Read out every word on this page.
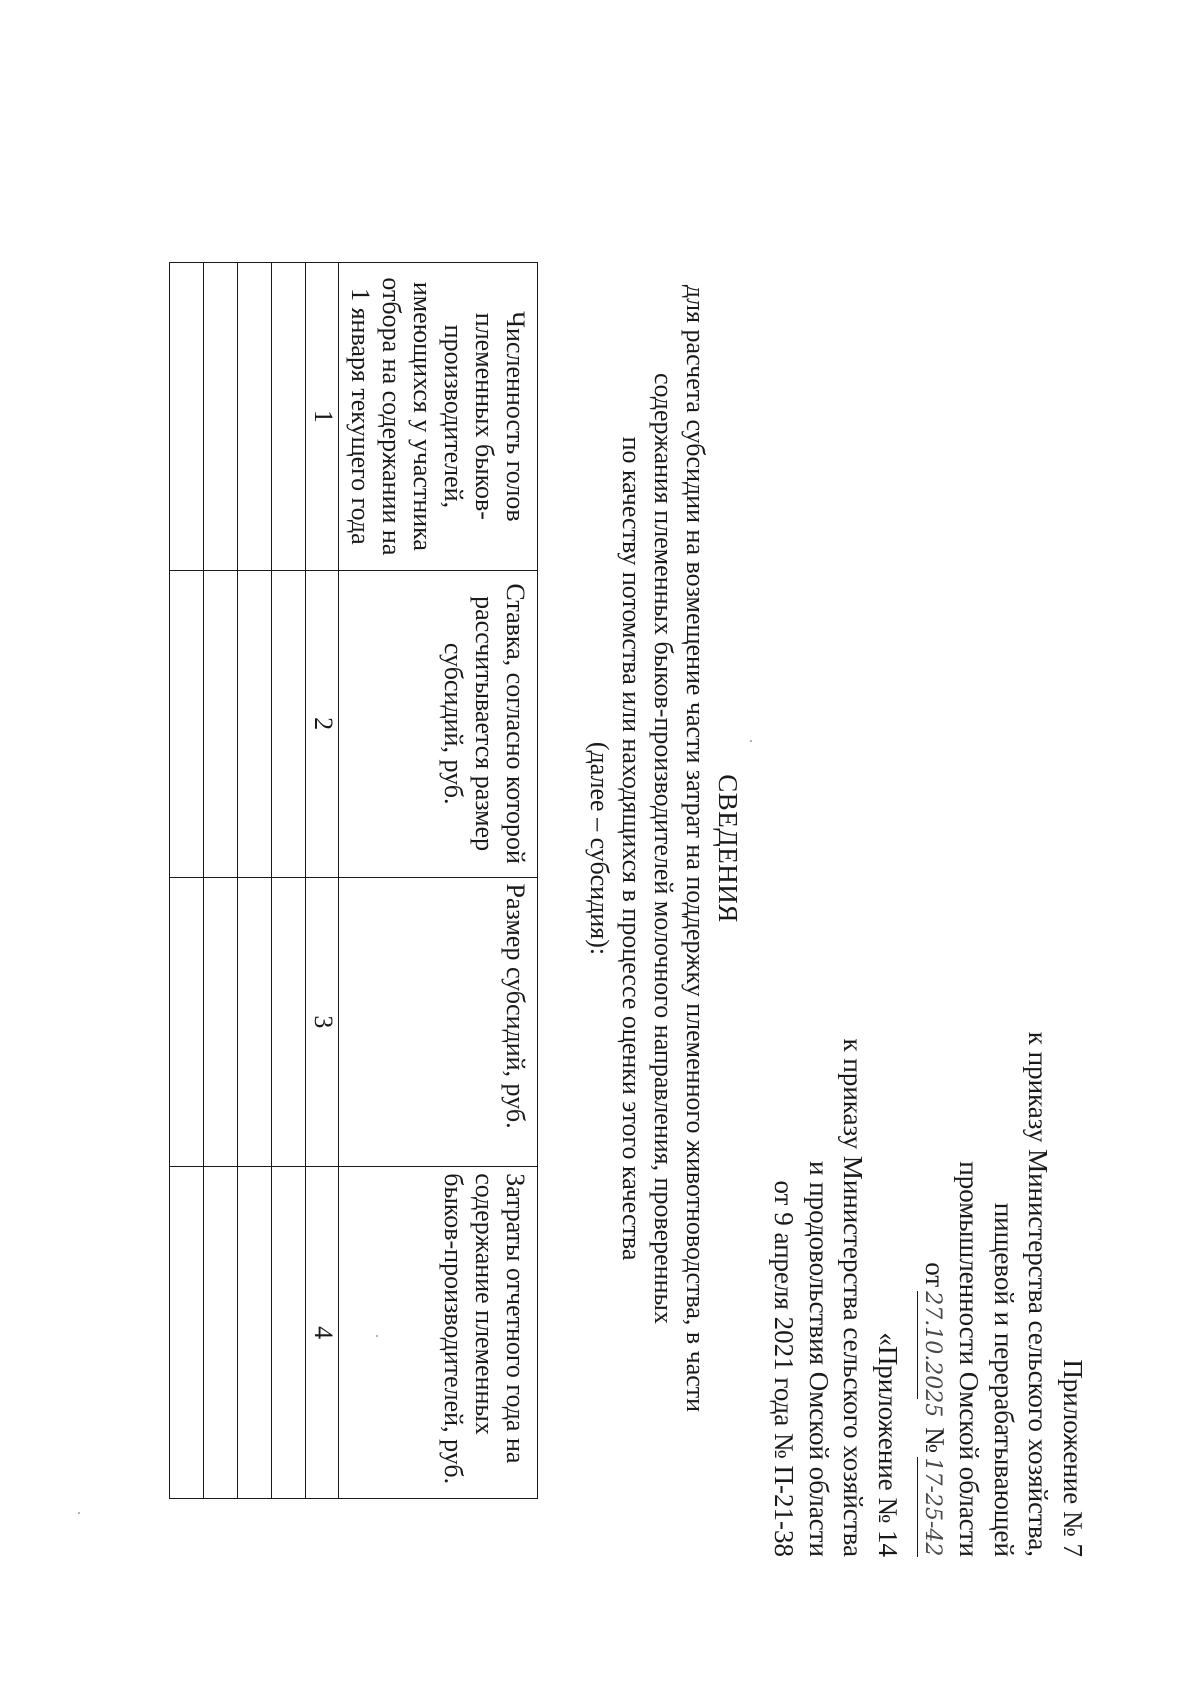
Приложение № 7
к приказу Министерства сельского хозяйства,
пищевой и перерабатывающей
промышленности Омской области
от27.10.2025№17-25-42
«Приложение № 14
к приказу Министерства сельского хозяйства
и продовольствия Омской области
от 9 апреля 2021 года № П-21-38
СВЕДЕНИЯ
для расчета субсидии на возмещение части затрат на поддержку племенного животноводства, в части
содержания племенных быков-производителей молочного направления, проверенных
по качеству потомства или находящихся в процессе оценки этого качества
(далее – субсидия):
Численность голов племенных быков-производителей, имеющихся у участника отбора на содержании на 1 января текущего года	Ставка, согласно которой рассчитывается размер субсидий, руб.	Размер субсидий, руб.	Затраты отчетного года на содержание племенных быков-производителей, руб.
1	2	3	4
